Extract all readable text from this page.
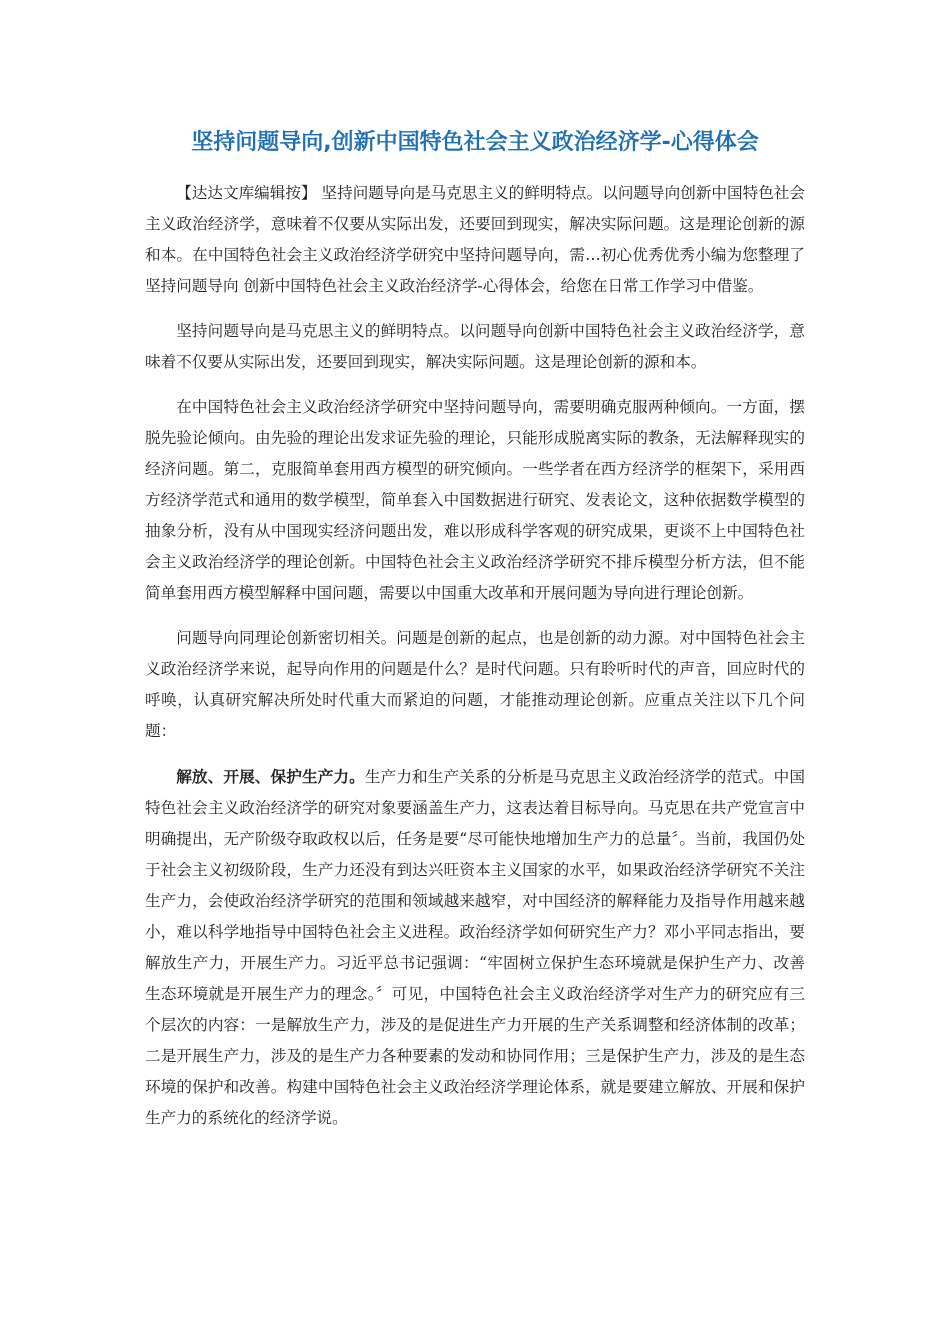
坚持问题导向,创新中国特色社会主义政治经济学-心得体会

【达达文库编辑按】 坚持问题导向是马克思主义的鲜明特点。以问题导向创新中国特色社会主义政治经济学，意味着不仅要从实际出发，还要回到现实，解决实际问题。这是理论创新的源和本。在中国特色社会主义政治经济学研究中坚持问题导向，需…初心优秀优秀小编为您整理了坚持问题导向 创新中国特色社会主义政治经济学-心得体会，给您在日常工作学习中借鉴。

坚持问题导向是马克思主义的鲜明特点。以问题导向创新中国特色社会主义政治经济学，意味着不仅要从实际出发，还要回到现实，解决实际问题。这是理论创新的源和本。

在中国特色社会主义政治经济学研究中坚持问题导向，需要明确克服两种倾向。一方面，摆脱先验论倾向。由先验的理论出发求证先验的理论，只能形成脱离实际的教条，无法解释现实的经济问题。第二，克服简单套用西方模型的研究倾向。一些学者在西方经济学的框架下，采用西方经济学范式和通用的数学模型，简单套入中国数据进行研究、发表论文，这种依据数学模型的抽象分析，没有从中国现实经济问题出发，难以形成科学客观的研究成果，更谈不上中国特色社会主义政治经济学的理论创新。中国特色社会主义政治经济学研究不排斥模型分析方法，但不能简单套用西方模型解释中国问题，需要以中国重大改革和开展问题为导向进行理论创新。

问题导向同理论创新密切相关。问题是创新的起点，也是创新的动力源。对中国特色社会主义政治经济学来说，起导向作用的问题是什么？是时代问题。只有聆听时代的声音，回应时代的呼唤，认真研究解决所处时代重大而紧迫的问题，才能推动理论创新。应重点关注以下几个问题：

解放、开展、保护生产力。生产力和生产关系的分析是马克思主义政治经济学的范式。中国特色社会主义政治经济学的研究对象要涵盖生产力，这表达着目标导向。马克思在共产党宣言中明确提出，无产阶级夺取政权以后，任务是要“尽可能快地增加生产力的总量〞。当前，我国仍处于社会主义初级阶段，生产力还没有到达兴旺资本主义国家的水平，如果政治经济学研究不关注生产力，会使政治经济学研究的范围和领域越来越窄，对中国经济的解释能力及指导作用越来越小，难以科学地指导中国特色社会主义进程。政治经济学如何研究生产力？邓小平同志指出，要解放生产力，开展生产力。习近平总书记强调：“牢固树立保护生态环境就是保护生产力、改善生态环境就是开展生产力的理念。〞可见，中国特色社会主义政治经济学对生产力的研究应有三个层次的内容：一是解放生产力，涉及的是促进生产力开展的生产关系调整和经济体制的改革；二是开展生产力，涉及的是生产力各种要素的发动和协同作用；三是保护生产力，涉及的是生态环境的保护和改善。构建中国特色社会主义政治经济学理论体系，就是要建立解放、开展和保护生产力的系统化的经济学说。
